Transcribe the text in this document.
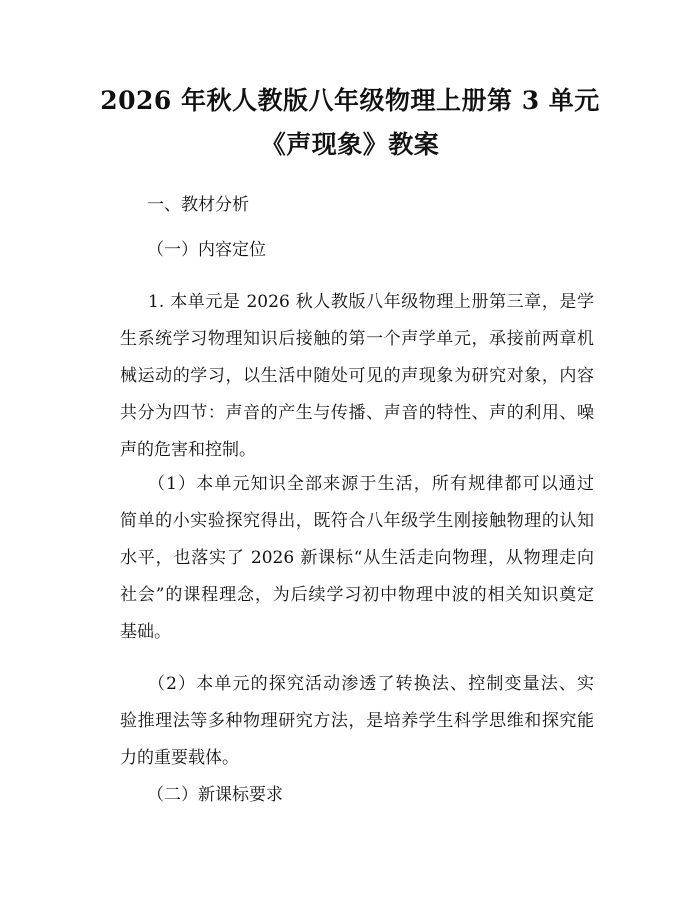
2026 年秋人教版八年级物理上册第 3 单元
《声现象》教案
一、教材分析
（一）内容定位
1. 本单元是 2026 秋人教版八年级物理上册第三章，是学
生系统学习物理知识后接触的第一个声学单元，承接前两章机
械运动的学习，以生活中随处可见的声现象为研究对象，内容
共分为四节：声音的产生与传播、声音的特性、声的利用、噪
声的危害和控制。
（1）本单元知识全部来源于生活，所有规律都可以通过
简单的小实验探究得出，既符合八年级学生刚接触物理的认知
水平，也落实了 2026 新课标“从生活走向物理，从物理走向
社会”的课程理念，为后续学习初中物理中波的相关知识奠定
基础。
（2）本单元的探究活动渗透了转换法、控制变量法、实
验推理法等多种物理研究方法，是培养学生科学思维和探究能
力的重要载体。
（二）新课标要求
